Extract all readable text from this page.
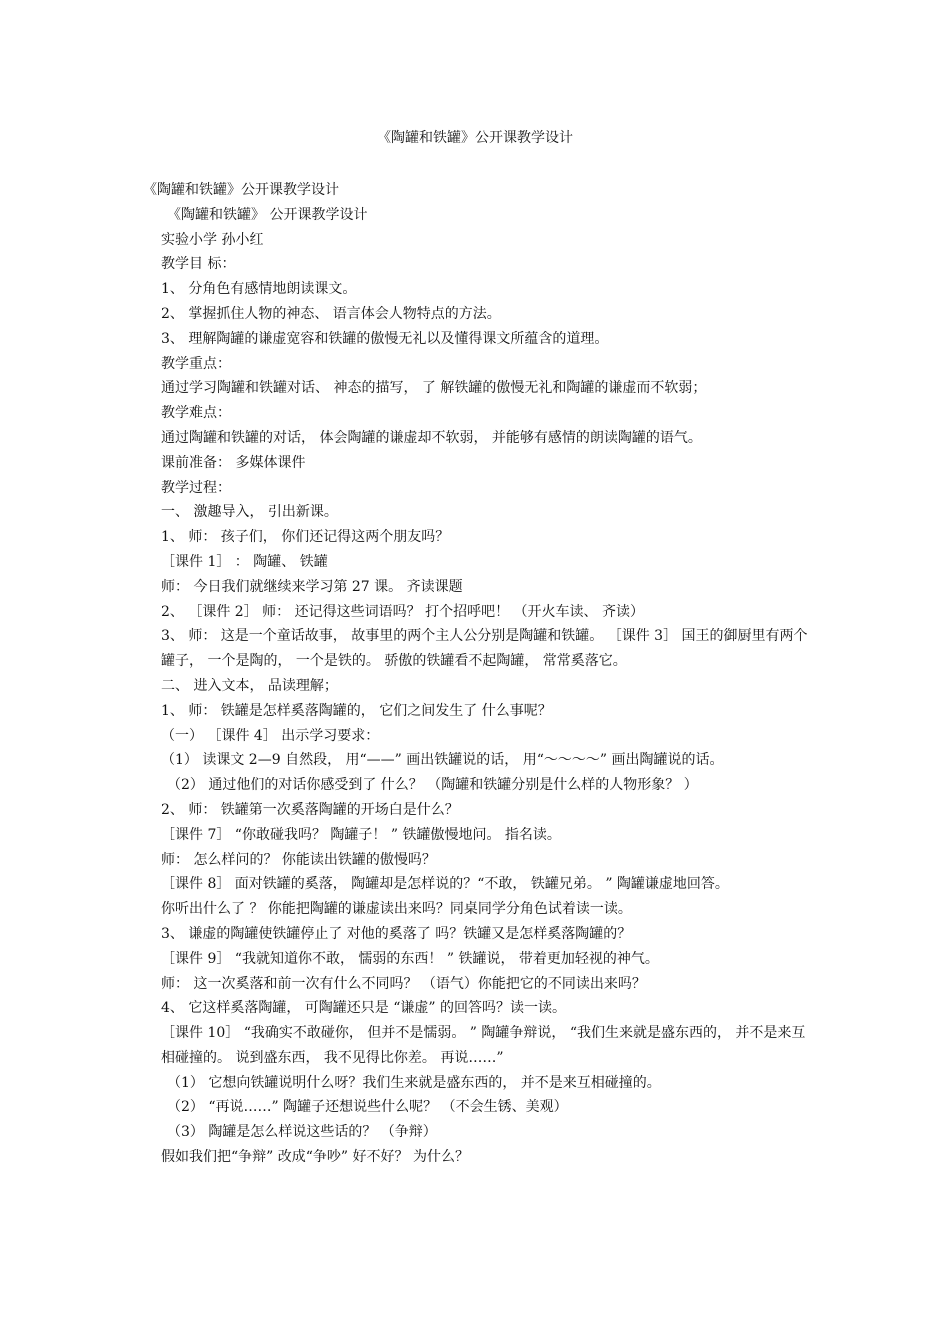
《陶罐和铁罐》公开课教学设计
《陶罐和铁罐》公开课教学设计
《陶罐和铁罐》 公开课教学设计
实验小学 孙小红
教学目 标：
1、 分角色有感情地朗读课文。
2、 掌握抓住人物的神态、 语言体会人物特点的方法。
3、 理解陶罐的谦虚宽容和铁罐的傲慢无礼以及懂得课文所蕴含的道理。
教学重点：
通过学习陶罐和铁罐对话、 神态的描写， 了 解铁罐的傲慢无礼和陶罐的谦虚而不软弱；
教学难点：
通过陶罐和铁罐的对话， 体会陶罐的谦虚却不软弱， 并能够有感情的朗读陶罐的语气。
课前准备： 多媒体课件
教学过程：
一、 激趣导入， 引出新课。
1、 师： 孩子们， 你们还记得这两个朋友吗？
［课件 1］ ： 陶罐、 铁罐
师： 今日我们就继续来学习第 27 课。 齐读课题
2、 ［课件 2］ 师： 还记得这些词语吗？ 打个招呼吧！ （开火车读、 齐读）
3、 师： 这是一个童话故事， 故事里的两个主人公分别是陶罐和铁罐。 ［课件 3］ 国王的御厨里有两个罐子， 一个是陶的， 一个是铁的。 骄傲的铁罐看不起陶罐， 常常奚落它。
二、 进入文本， 品读理解；
1、 师： 铁罐是怎样奚落陶罐的， 它们之间发生了 什么事呢？
（一） ［课件 4］ 出示学习要求：
（1） 读课文 2—9 自然段， 用“——” 画出铁罐说的话， 用“～～～～” 画出陶罐说的话。
（2） 通过他们的对话你感受到了 什么？ （陶罐和铁罐分别是什么样的人物形象？ ）
2、 师： 铁罐第一次奚落陶罐的开场白是什么？
［课件 7］ “你敢碰我吗？ 陶罐子！ ” 铁罐傲慢地问。 指名读。
师： 怎么样问的？ 你能读出铁罐的傲慢吗？
［课件 8］ 面对铁罐的奚落， 陶罐却是怎样说的？“不敢， 铁罐兄弟。 ” 陶罐谦虚地回答。
你听出什么了 ？ 你能把陶罐的谦虚读出来吗？同桌同学分角色试着读一读。
3、 谦虚的陶罐使铁罐停止了 对他的奚落了 吗？铁罐又是怎样奚落陶罐的？
［课件 9］ “我就知道你不敢， 懦弱的东西！ ” 铁罐说， 带着更加轻视的神气。
师： 这一次奚落和前一次有什么不同吗？ （语气）你能把它的不同读出来吗？
4、 它这样奚落陶罐， 可陶罐还只是 “谦虚” 的回答吗？读一读。
［课件 10］ “我确实不敢碰你， 但并不是懦弱。 ” 陶罐争辩说， “我们生来就是盛东西的， 并不是来互相碰撞的。 说到盛东西， 我不见得比你差。 再说……”
（1） 它想向铁罐说明什么呀？我们生来就是盛东西的， 并不是来互相碰撞的。
（2） “再说……” 陶罐子还想说些什么呢？ （不会生锈、美观）
（3） 陶罐是怎么样说这些话的？ （争辩）
假如我们把“争辩” 改成“争吵” 好不好？ 为什么？
